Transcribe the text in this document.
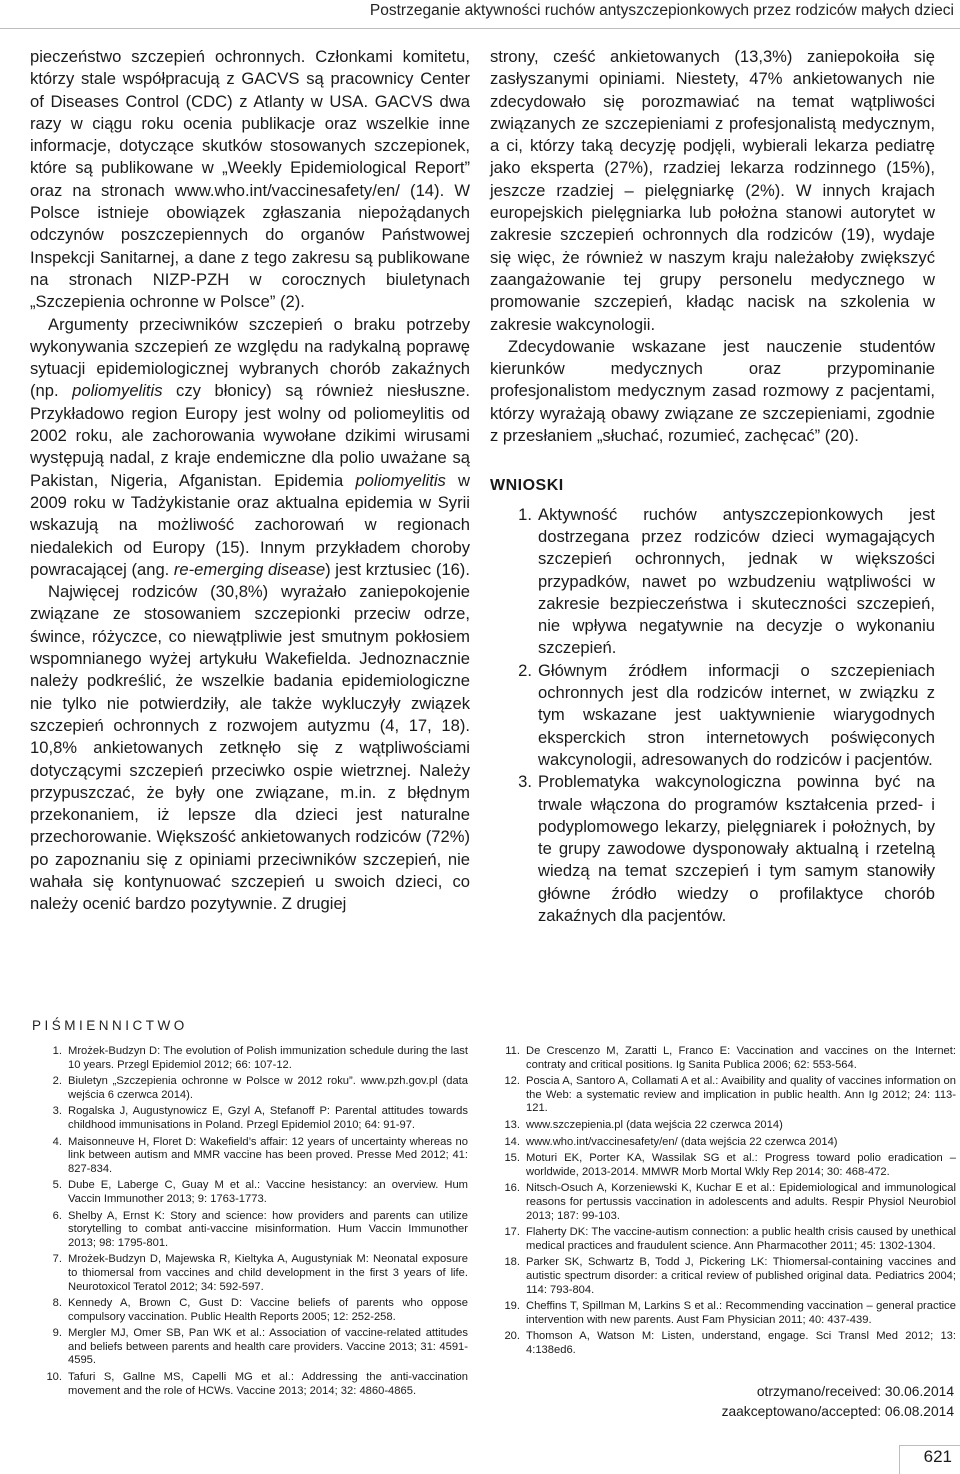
Postrzeganie aktywności ruchów antyszczepionkowych przez rodziców małych dzieci

pieczeństwo szczepień ochronnych. Członkami komitetu, którzy stale współpracują z GACVS są pracownicy Center of Diseases Control (CDC) z Atlanty w USA. GACVS dwa razy w ciągu roku ocenia publikacje oraz wszelkie inne informacje, dotyczące skutków stosowanych szczepionek, które są publikowane w „Weekly Epidemiological Report” oraz na stronach www.who.int/vaccinesafety/en/ (14). W Polsce istnieje obowiązek zgłaszania niepożądanych odczynów poszczepiennych do organów Państwowej Inspekcji Sanitarnej, a dane z tego zakresu są publikowane na stronach NIZP-PZH w corocznych biuletynach „Szczepienia ochronne w Polsce” (2).

Argumenty przeciwników szczepień o braku potrzeby wykonywania szczepień ze względu na radykalną poprawę sytuacji epidemiologicznej wybranych chorób zakaźnych (np. poliomyelitis czy błonicy) są również niesłuszne. Przykładowo region Europy jest wolny od poliomeylitis od 2002 roku, ale zachorowania wywołane dzikimi wirusami występują nadal, z kraje endemiczne dla polio uważane są Pakistan, Nigeria, Afganistan. Epidemia poliomyelitis w 2009 roku w Tadżykistanie oraz aktualna epidemia w Syrii wskazują na możliwość zachorowań w regionach niedalekich od Europy (15). Innym przykładem choroby powracającej (ang. re-emerging disease) jest krztusiec (16).

Najwięcej rodziców (30,8%) wyrażało zaniepokojenie związane ze stosowaniem szczepionki przeciw odrze, śwince, różyczce, co niewątpliwie jest smutnym pokłosiem wspomnianego wyżej artykułu Wakefielda. Jednoznacznie należy podkreślić, że wszelkie badania epidemiologiczne nie tylko nie potwierdziły, ale także wykluczyły związek szczepień ochronnych z rozwojem autyzmu (4, 17, 18). 10,8% ankietowanych zetknęło się z wątpliwościami dotyczącymi szczepień przeciwko ospie wietrznej. Należy przypuszczać, że były one związane, m.in. z błędnym przekonaniem, iż lepsze dla dzieci jest naturalne przechorowanie. Większość ankietowanych rodziców (72%) po zapoznaniu się z opiniami przeciwników szczepień, nie wahała się kontynuować szczepień u swoich dzieci, co należy ocenić bardzo pozytywnie. Z drugiej

strony, cześć ankietowanych (13,3%) zaniepokoiła się zasłyszanymi opiniami. Niestety, 47% ankietowanych nie zdecydowało się porozmawiać na temat wątpliwości związanych ze szczepieniami z profesjonalistą medycznym, a ci, którzy taką decyzję podjęli, wybierali lekarza pediatrę jako eksperta (27%), rzadziej lekarza rodzinnego (15%), jeszcze rzadziej – pielęgniarkę (2%). W innych krajach europejskich pielęgniarka lub położna stanowi autorytet w zakresie szczepień ochronnych dla rodziców (19), wydaje się więc, że również w naszym kraju należałoby zwiększyć zaangażowanie tej grupy personelu medycznego w promowanie szczepień, kładąc nacisk na szkolenia w zakresie wakcynologii.

Zdecydowanie wskazane jest nauczenie studentów kierunków medycznych oraz przypominanie profesjonalistom medycznym zasad rozmowy z pacjentami, którzy wyrażają obawy związane ze szczepieniami, zgodnie z przesłaniem „słuchać, rozumieć, zachęcać” (20).

WNIOSKI
1. Aktywność ruchów antyszczepionkowych jest dostrzegana przez rodziców dzieci wymagających szczepień ochronnych, jednak w większości przypadków, nawet po wzbudzeniu wątpliwości w zakresie bezpieczeństwa i skuteczności szczepień, nie wpływa negatywnie na decyzje o wykonaniu szczepień.
2. Głównym źródłem informacji o szczepieniach ochronnych jest dla rodziców internet, w związku z tym wskazane jest uaktywnienie wiarygodnych eksperckich stron internetowych poświęconych wakcynologii, adresowanych do rodziców i pacjentów.
3. Problematyka wakcynologiczna powinna być na trwale włączona do programów kształcenia przed- i podyplomowego lekarzy, pielęgniarek i położnych, by te grupy zawodowe dysponowały aktualną i rzetelną wiedzą na temat szczepień i tym samym stanowiły główne źródło wiedzy o profilaktyce chorób zakaźnych dla pacjentów.
PIŚMIENNICTWO
1. Mrożek-Budzyn D: The evolution of Polish immunization schedule during the last 10 years. Przegl Epidemiol 2012; 66: 107-12.
2. Biuletyn „Szczepienia ochronne w Polsce w 2012 roku”. www.pzh.gov.pl (data wejścia 6 czerwca 2014).
3. Rogalska J, Augustynowicz E, Gzyl A, Stefanoff P: Parental attitudes towards childhood immunisations in Poland. Przegl Epidemiol 2010; 64: 91-97.
4. Maisonneuve H, Floret D: Wakefield’s affair: 12 years of uncertainty whereas no link between autism and MMR vaccine has been proved. Presse Med 2012; 41: 827-834.
5. Dube E, Laberge C, Guay M et al.: Vaccine hesistancy: an overview. Hum Vaccin Immunother 2013; 9: 1763-1773.
6. Shelby A, Ernst K: Story and science: how providers and parents can utilize storytelling to combat anti-vaccine misinformation. Hum Vaccin Immunother 2013; 98: 1795-801.
7. Mrożek-Budzyn D, Majewska R, Kieltyka A, Augustyniak M: Neonatal exposure to thiomersal from vaccines and child development in the first 3 years of life. Neurotoxicol Teratol 2012; 34: 592-597.
8. Kennedy A, Brown C, Gust D: Vaccine beliefs of parents who oppose compulsory vaccination. Public Health Reports 2005; 12: 252-258.
9. Mergler MJ, Omer SB, Pan WK et al.: Association of vaccine-related attitudes and beliefs between parents and health care providers. Vaccine 2013; 31: 4591-4595.
10. Tafuri S, Gallne MS, Capelli MG et al.: Addressing the anti-vaccination movement and the role of HCWs. Vaccine 2013; 2014; 32: 4860-4865.
11. De Crescenzo M, Zaratti L, Franco E: Vaccination and vaccines on the Internet: contraty and critical positions. Ig Sanita Publica 2006; 62: 553-564.
12. Poscia A, Santoro A, Collamati A et al.: Avaibility and quality of vaccines information on the Web: a systematic review and implication in public health. Ann Ig 2012; 24: 113-121.
13. www.szczepienia.pl (data wejścia 22 czerwca 2014)
14. www.who.int/vaccinesafety/en/ (data wejścia 22 czerwca 2014)
15. Moturi EK, Porter KA, Wassilak SG et al.: Progress toward polio eradication – worldwide, 2013-2014. MMWR Morb Mortal Wkly Rep 2014; 30: 468-472.
16. Nitsch-Osuch A, Korzeniewski K, Kuchar E et al.: Epidemiological and immunological reasons for pertussis vaccination in adolescents and adults. Respir Physiol Neurobiol 2013; 187: 99-103.
17. Flaherty DK: The vaccine-autism connection: a public health crisis caused by unethical medical practices and fraudulent science. Ann Pharmacother 2011; 45: 1302-1304.
18. Parker SK, Schwartz B, Todd J, Pickering LK: Thiomersal-containing vaccines and autistic spectrum disorder: a critical review of published original data. Pediatrics 2004; 114: 793-804.
19. Cheffins T, Spillman M, Larkins S et al.: Recommending vaccination – general practice intervention with new parents. Aust Fam Physician 2011; 40: 437-439.
20. Thomson A, Watson M: Listen, understand, engage. Sci Transl Med 2012; 13: 4:138ed6.
otrzymano/received: 30.06.2014
zaakceptowano/accepted: 06.08.2014
621
